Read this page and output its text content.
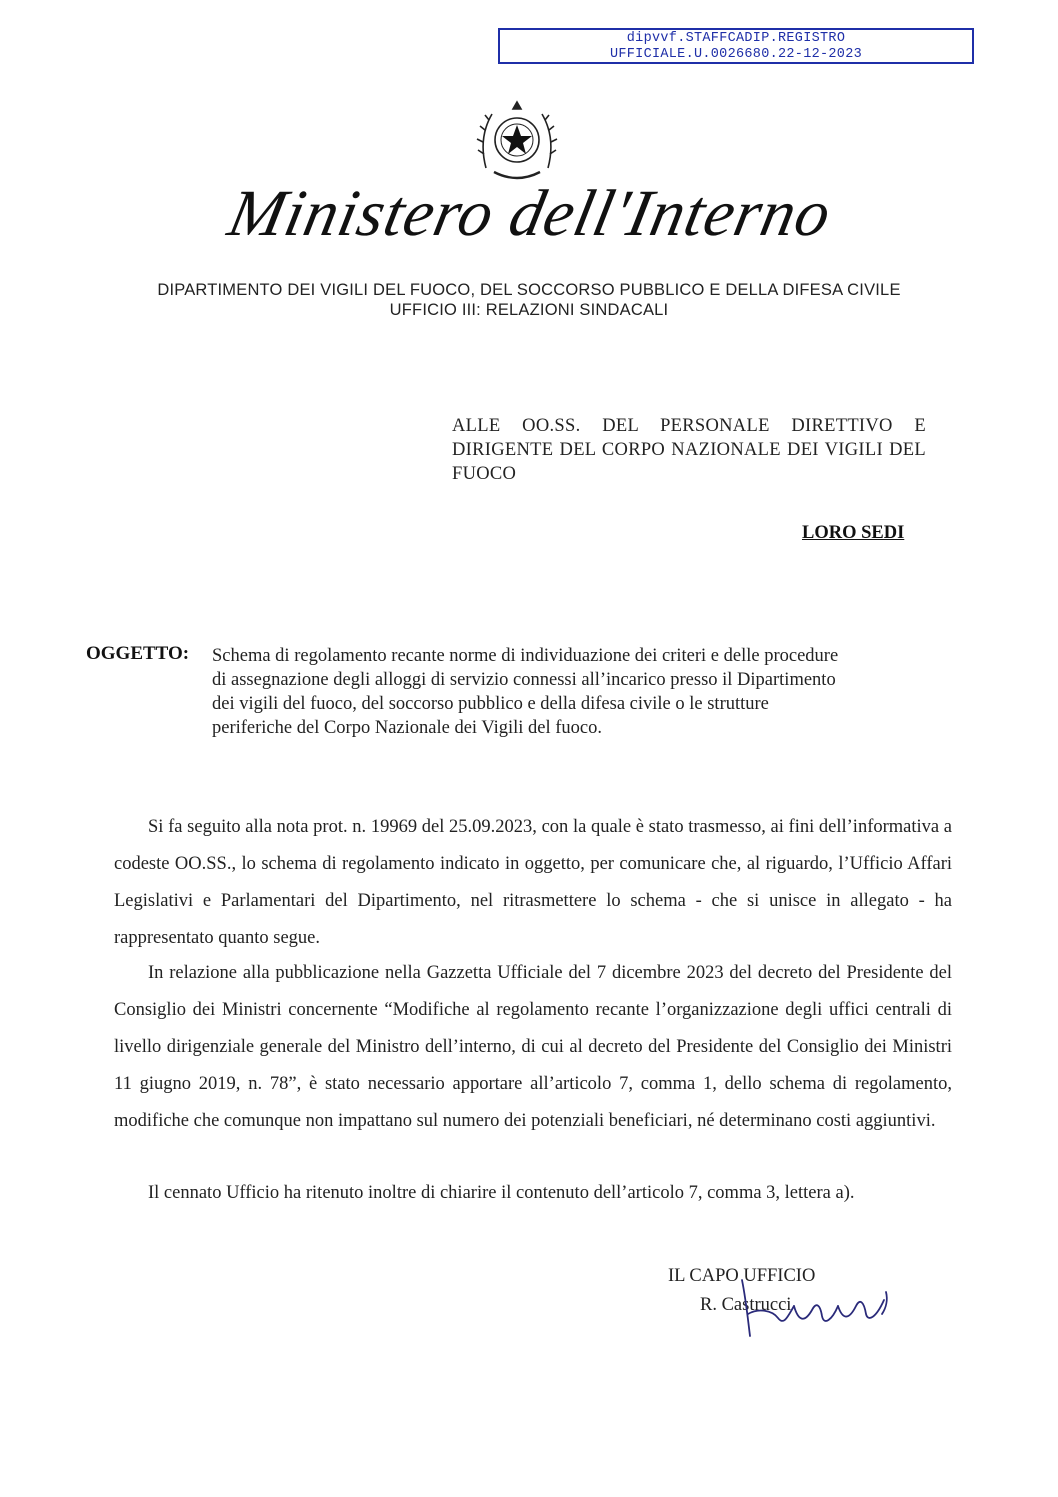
dipvvf.STAFFCADIP.REGISTRO
UFFICIALE.U.0026680.22-12-2023
Ministero dell'Interno
DIPARTIMENTO DEI VIGILI DEL FUOCO, DEL SOCCORSO PUBBLICO E DELLA DIFESA CIVILE
UFFICIO III: RELAZIONI SINDACALI
ALLE OO.SS. DEL PERSONALE DIRETTIVO E DIRIGENTE DEL CORPO NAZIONALE DEI VIGILI DEL FUOCO
LORO SEDI
OGGETTO: Schema di regolamento recante norme di individuazione dei criteri e delle procedure
di assegnazione degli alloggi di servizio connessi all’incarico presso il Dipartimento
dei vigili del fuoco, del soccorso pubblico e della difesa civile o le strutture
periferiche del Corpo Nazionale dei Vigili del fuoco.
Si fa seguito alla nota prot. n. 19969 del 25.09.2023, con la quale è stato trasmesso, ai fini dell’informativa a codeste OO.SS., lo schema di regolamento indicato in oggetto, per comunicare che, al riguardo, l’Ufficio Affari Legislativi e Parlamentari del Dipartimento, nel ritrasmettere lo schema - che si unisce in allegato - ha rappresentato quanto segue.
In relazione alla pubblicazione nella Gazzetta Ufficiale del 7 dicembre 2023 del decreto del Presidente del Consiglio dei Ministri concernente “Modifiche al regolamento recante l’organizzazione degli uffici centrali di livello dirigenziale generale del Ministro dell’interno, di cui al decreto del Presidente del Consiglio dei Ministri 11 giugno 2019, n. 78”, è stato necessario apportare all’articolo 7, comma 1, dello schema di regolamento, modifiche che comunque non impattano sul numero dei potenziali beneficiari, né determinano costi aggiuntivi.
Il cennato Ufficio ha ritenuto inoltre di chiarire il contenuto dell’articolo 7, comma 3, lettera a).
IL CAPO UFFICIO
R. Castrucci
